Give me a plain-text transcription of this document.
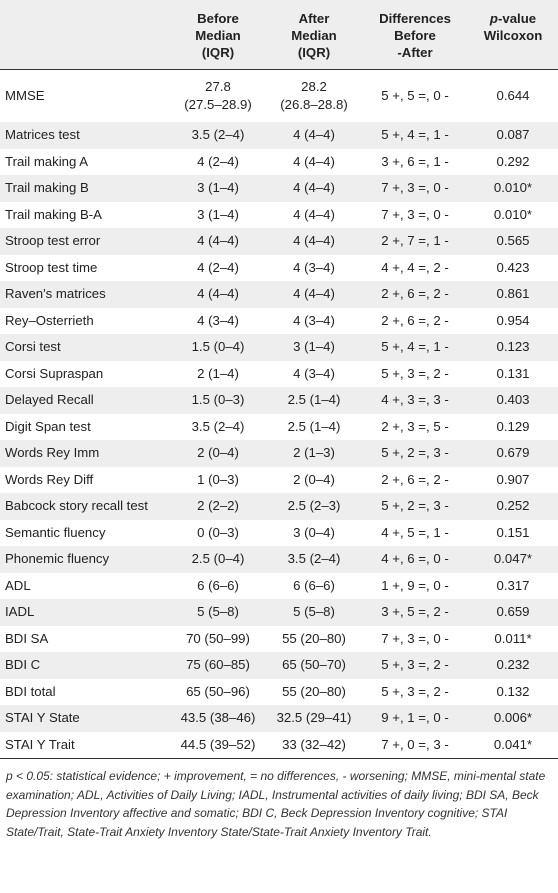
	Before
Median
(IQR)	After
Median
(IQR)	Differences
Before
-After	p-value
Wilcoxon
MMSE	27.8
(27.5–28.9)	28.2
(26.8–28.8)	5 +, 5 =, 0 -	0.644
Matrices test	3.5 (2–4)	4 (4–4)	5 +, 4 =, 1 -	0.087
Trail making A	4 (2–4)	4 (4–4)	3 +, 6 =, 1 -	0.292
Trail making B	3 (1–4)	4 (4–4)	7 +, 3 =, 0 -	0.010*
Trail making B-A	3 (1–4)	4 (4–4)	7 +, 3 =, 0 -	0.010*
Stroop test error	4 (4–4)	4 (4–4)	2 +, 7 =, 1 -	0.565
Stroop test time	4 (2–4)	4 (3–4)	4 +, 4 =, 2 -	0.423
Raven's matrices	4 (4–4)	4 (4–4)	2 +, 6 =, 2 -	0.861
Rey–Osterrieth	4 (3–4)	4 (3–4)	2 +, 6 =, 2 -	0.954
Corsi test	1.5 (0–4)	3 (1–4)	5 +, 4 =, 1 -	0.123
Corsi Supraspan	2 (1–4)	4 (3–4)	5 +, 3 =, 2 -	0.131
Delayed Recall	1.5 (0–3)	2.5 (1–4)	4 +, 3 =, 3 -	0.403
Digit Span test	3.5 (2–4)	2.5 (1–4)	2 +, 3 =, 5 -	0.129
Words Rey Imm	2 (0–4)	2 (1–3)	5 +, 2 =, 3 -	0.679
Words Rey Diff	1 (0–3)	2 (0–4)	2 +, 6 =, 2 -	0.907
Babcock story recall test	2 (2–2)	2.5 (2–3)	5 +, 2 =, 3 -	0.252
Semantic fluency	0 (0–3)	3 (0–4)	4 +, 5 =, 1 -	0.151
Phonemic fluency	2.5 (0–4)	3.5 (2–4)	4 +, 6 =, 0 -	0.047*
ADL	6 (6–6)	6 (6–6)	1 +, 9 =, 0 -	0.317
IADL	5 (5–8)	5 (5–8)	3 +, 5 =, 2 -	0.659
BDI SA	70 (50–99)	55 (20–80)	7 +, 3 =, 0 -	0.011*
BDI C	75 (60–85)	65 (50–70)	5 +, 3 =, 2 -	0.232
BDI total	65 (50–96)	55 (20–80)	5 +, 3 =, 2 -	0.132
STAI Y State	43.5 (38–46)	32.5 (29–41)	9 +, 1 =, 0 -	0.006*
STAI Y Trait	44.5 (39–52)	33 (32–42)	7 +, 0 =, 3 -	0.041*
p < 0.05: statistical evidence; + improvement, = no differences, - worsening; MMSE, mini-mental state examination; ADL, Activities of Daily Living; IADL, Instrumental activities of daily living; BDI SA, Beck Depression Inventory affective and somatic; BDI C, Beck Depression Inventory cognitive; STAI State/Trait, State-Trait Anxiety Inventory State/State-Trait Anxiety Inventory Trait.
